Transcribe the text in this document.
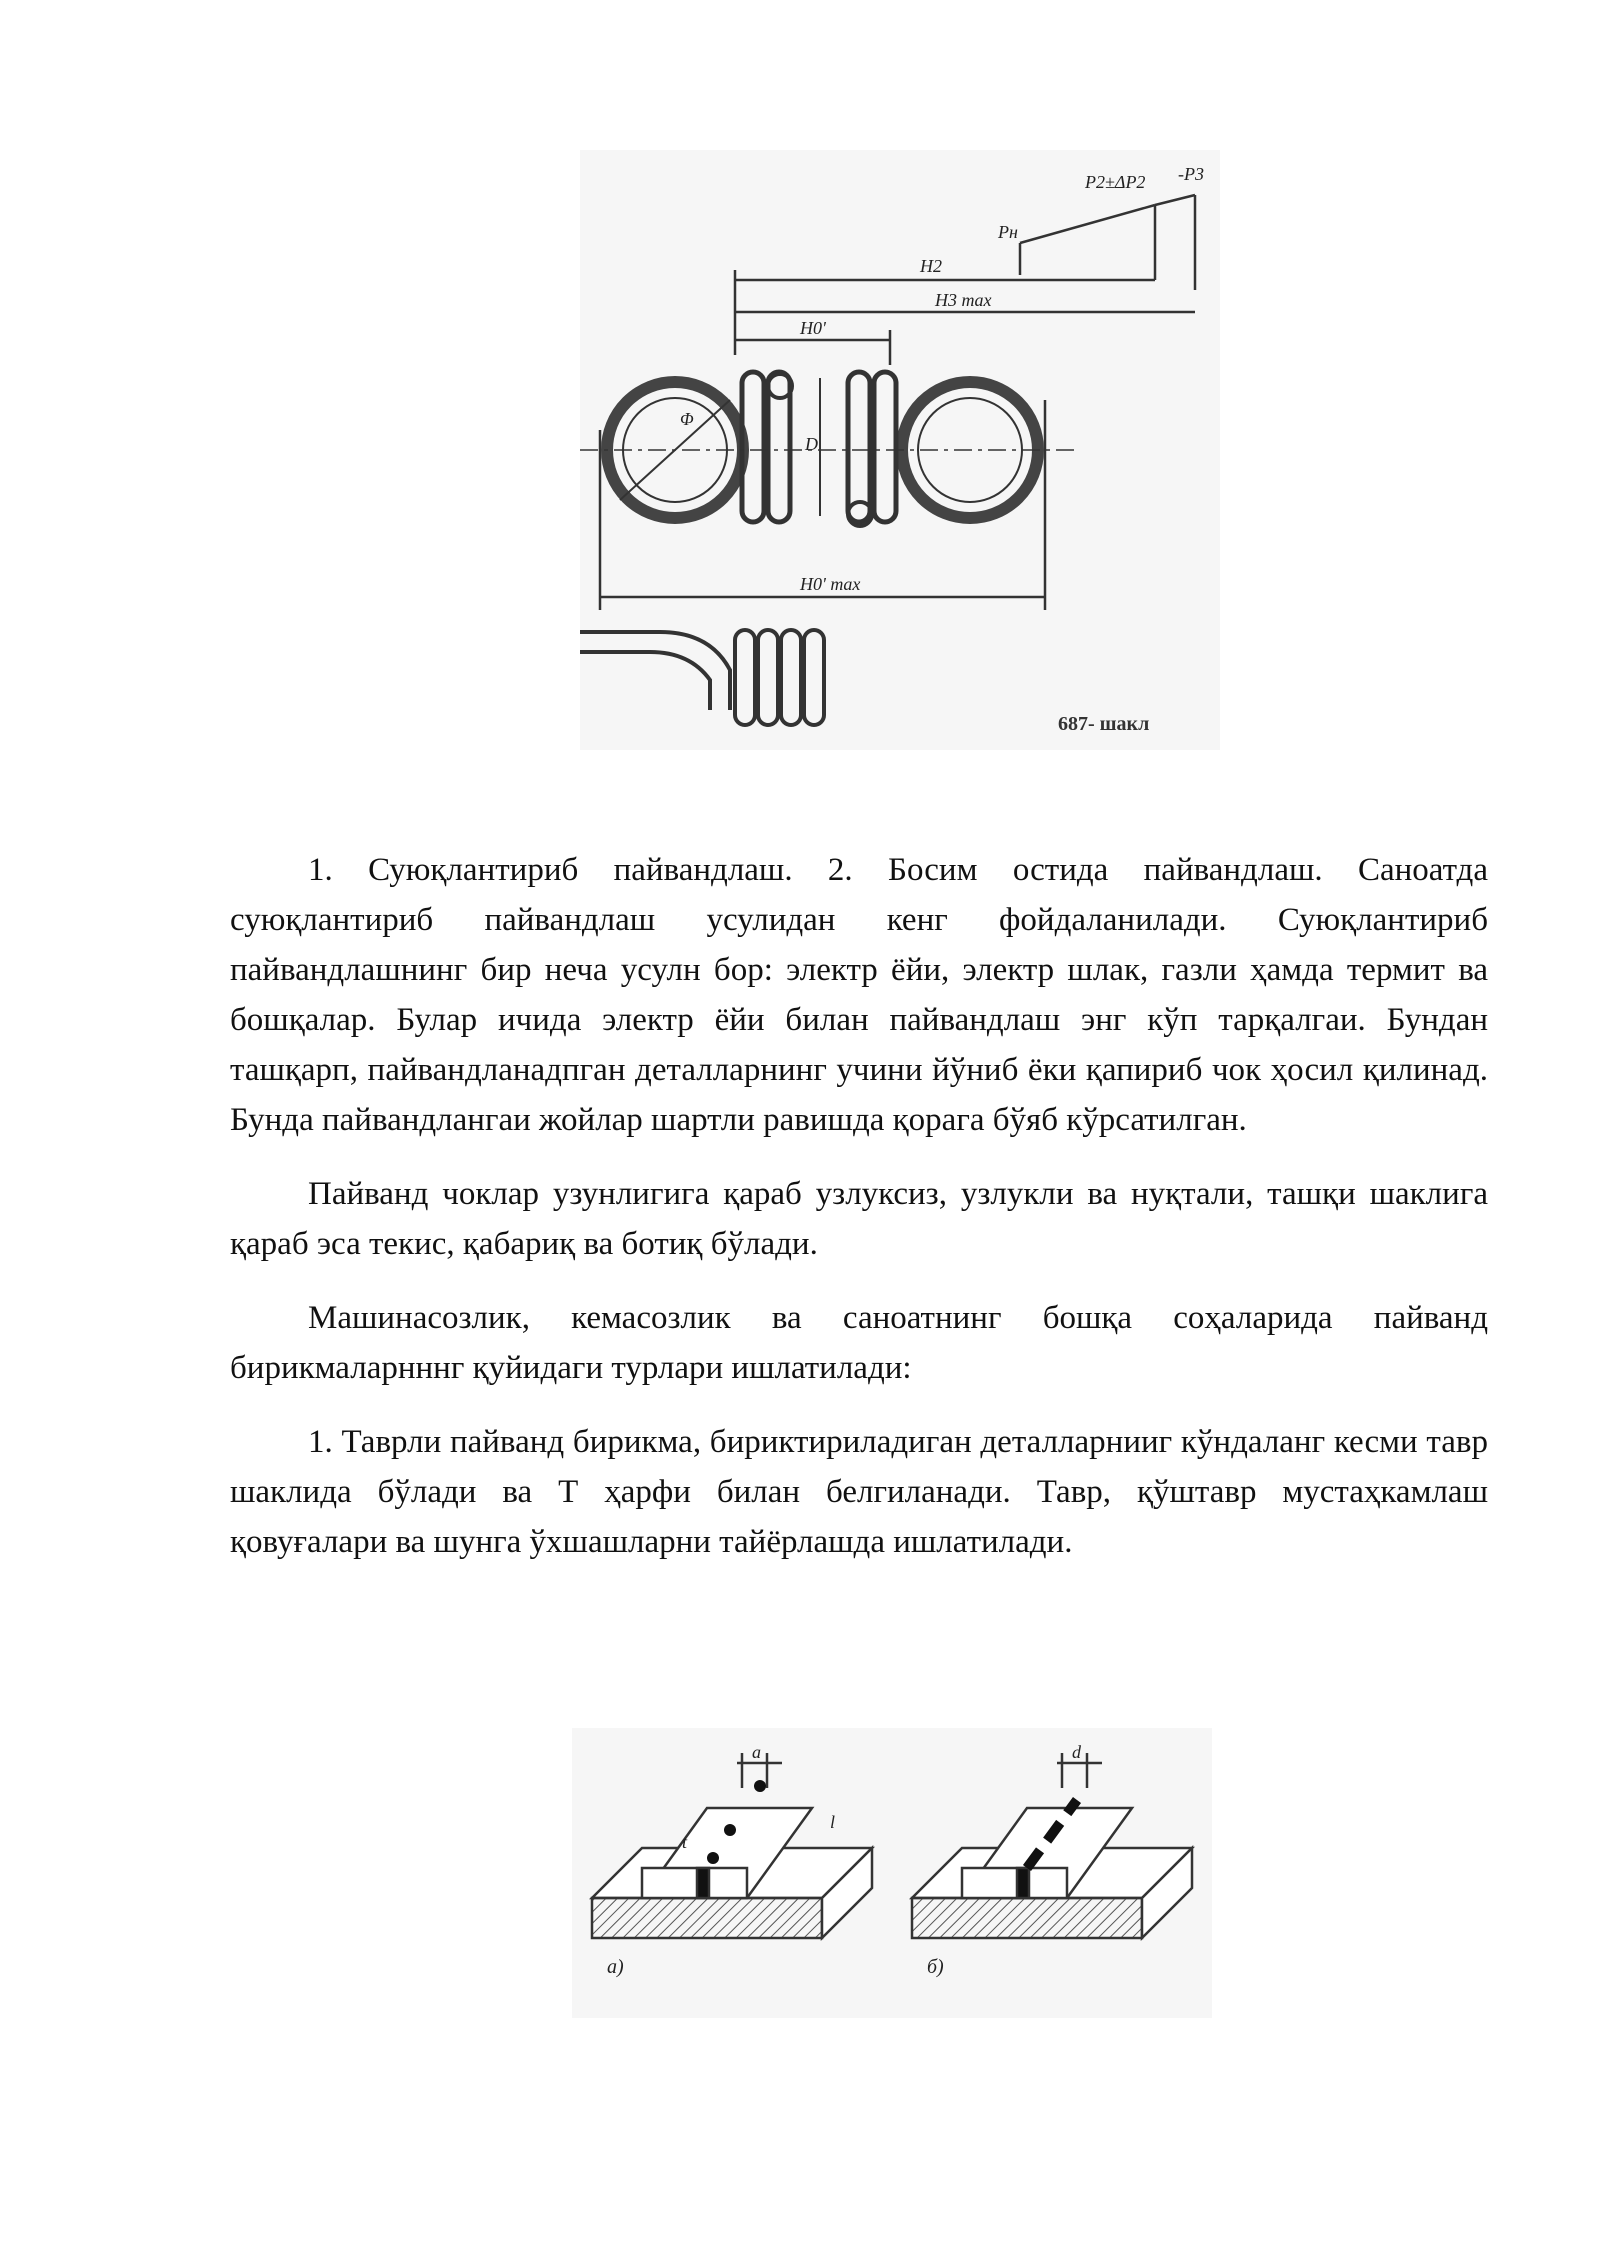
Pн
P2±ΔP2 -P3
H2
H3 max
H0'
Φ
D
H0' max
687- шакл

1. Суюқлантириб пайвандлаш. 2. Босим остида пайвандлаш. Саноатда суюқлантириб пайвандлаш усулидан кенг фойдаланилади. Суюқлантириб пайвандлашнинг бир неча усулн бор: электр ёйи, электр шлак, газли ҳамда термит ва бошқалар. Булар ичида электр ёйи билан пайвандлаш энг кўп тарқалгаи. Бундан ташқарп, пайвандланадпган деталларнинг учини йўниб ёки қапириб чок ҳосил қилинад. Бунда пайвандлангаи жойлар шартли равишда қорага бўяб кўрсатилган.

Пайванд чоклар узунлигига қараб узлуксиз, узлукли ва нуқтали, ташқи шаклига қараб эса текис, қабариқ ва ботиқ бўлади.

Машинасозлик, кемасозлик ва саноатнинг бошқа соҳаларида пайванд бирикмаларнннг қуйидаги турлари ишлатилади:

1. Таврли пайванд бирикма, бириктириладиган деталларнииг кўндаланг кесми тавр шаклида бўлади ва Т ҳарфи билан белгиланади. Тавр, қўштавр мустаҳкамлаш қовуғалари ва шунга ўхшашларни тайёрлашда ишлатилади.

a
l
t
а)
d
б)
